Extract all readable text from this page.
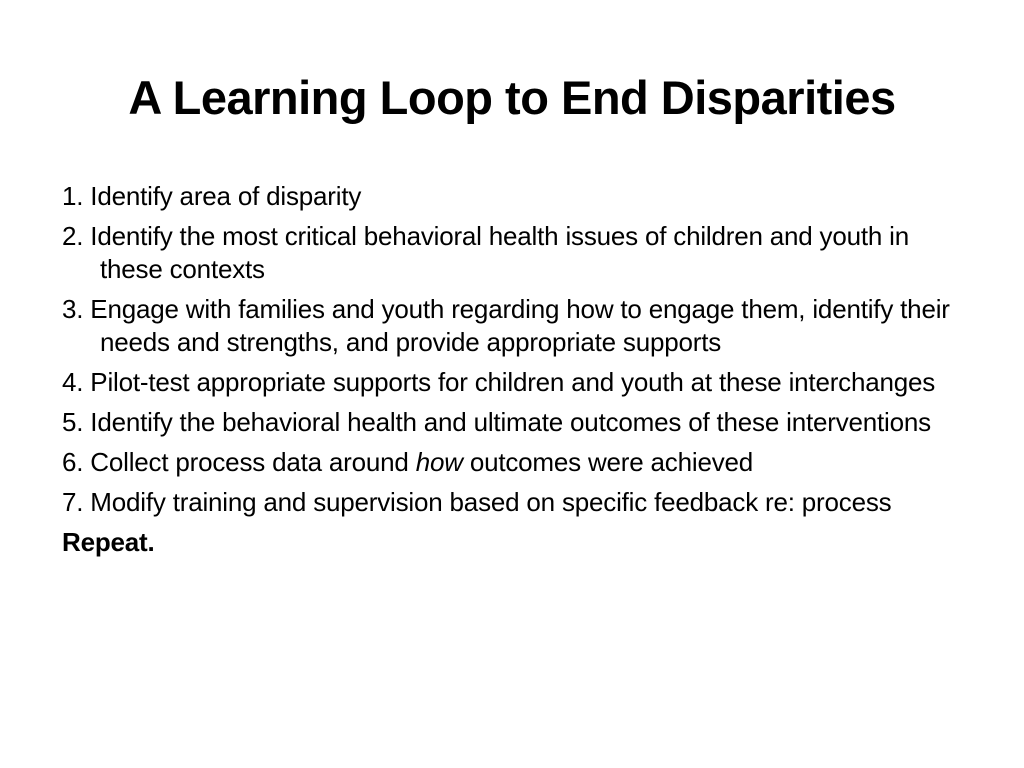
A Learning Loop to End Disparities
1. Identify area of disparity
2. Identify the most critical behavioral health issues of children and youth in these contexts
3. Engage with families and youth regarding how to engage them, identify their needs and strengths, and provide appropriate supports
4. Pilot-test appropriate supports for children and youth at these interchanges
5. Identify the behavioral health and ultimate outcomes of these interventions
6. Collect process data around how outcomes were achieved
7. Modify training and supervision based on specific feedback re: process
Repeat.
